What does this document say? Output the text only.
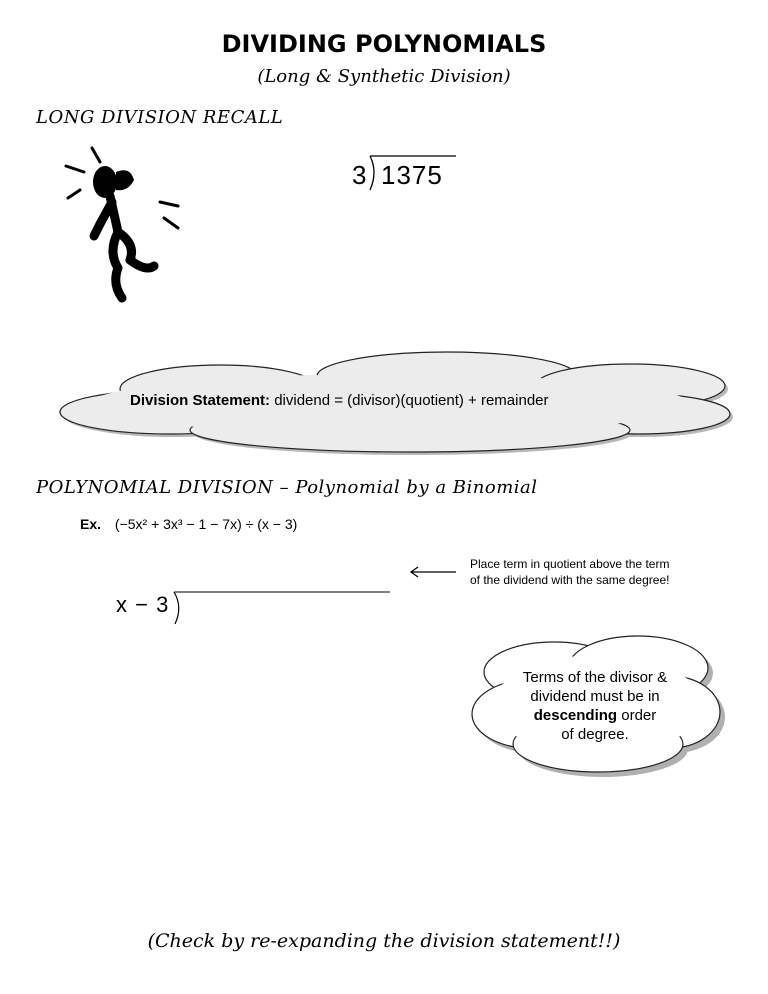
DIVIDING POLYNOMIALS
(Long & Synthetic Division)
LONG DIVISION RECALL
3 1375
Division Statement: dividend = (divisor)(quotient) + remainder
POLYNOMIAL DIVISION – Polynomial by a Binomial
Ex. (−5x² + 3x³ − 1 − 7x) ÷ (x − 3)
Place term in quotient above the term
of the dividend with the same degree!
x − 3
Terms of the divisor &
dividend must be in
descending order
of degree.
(Check by re-expanding the division statement!!)
